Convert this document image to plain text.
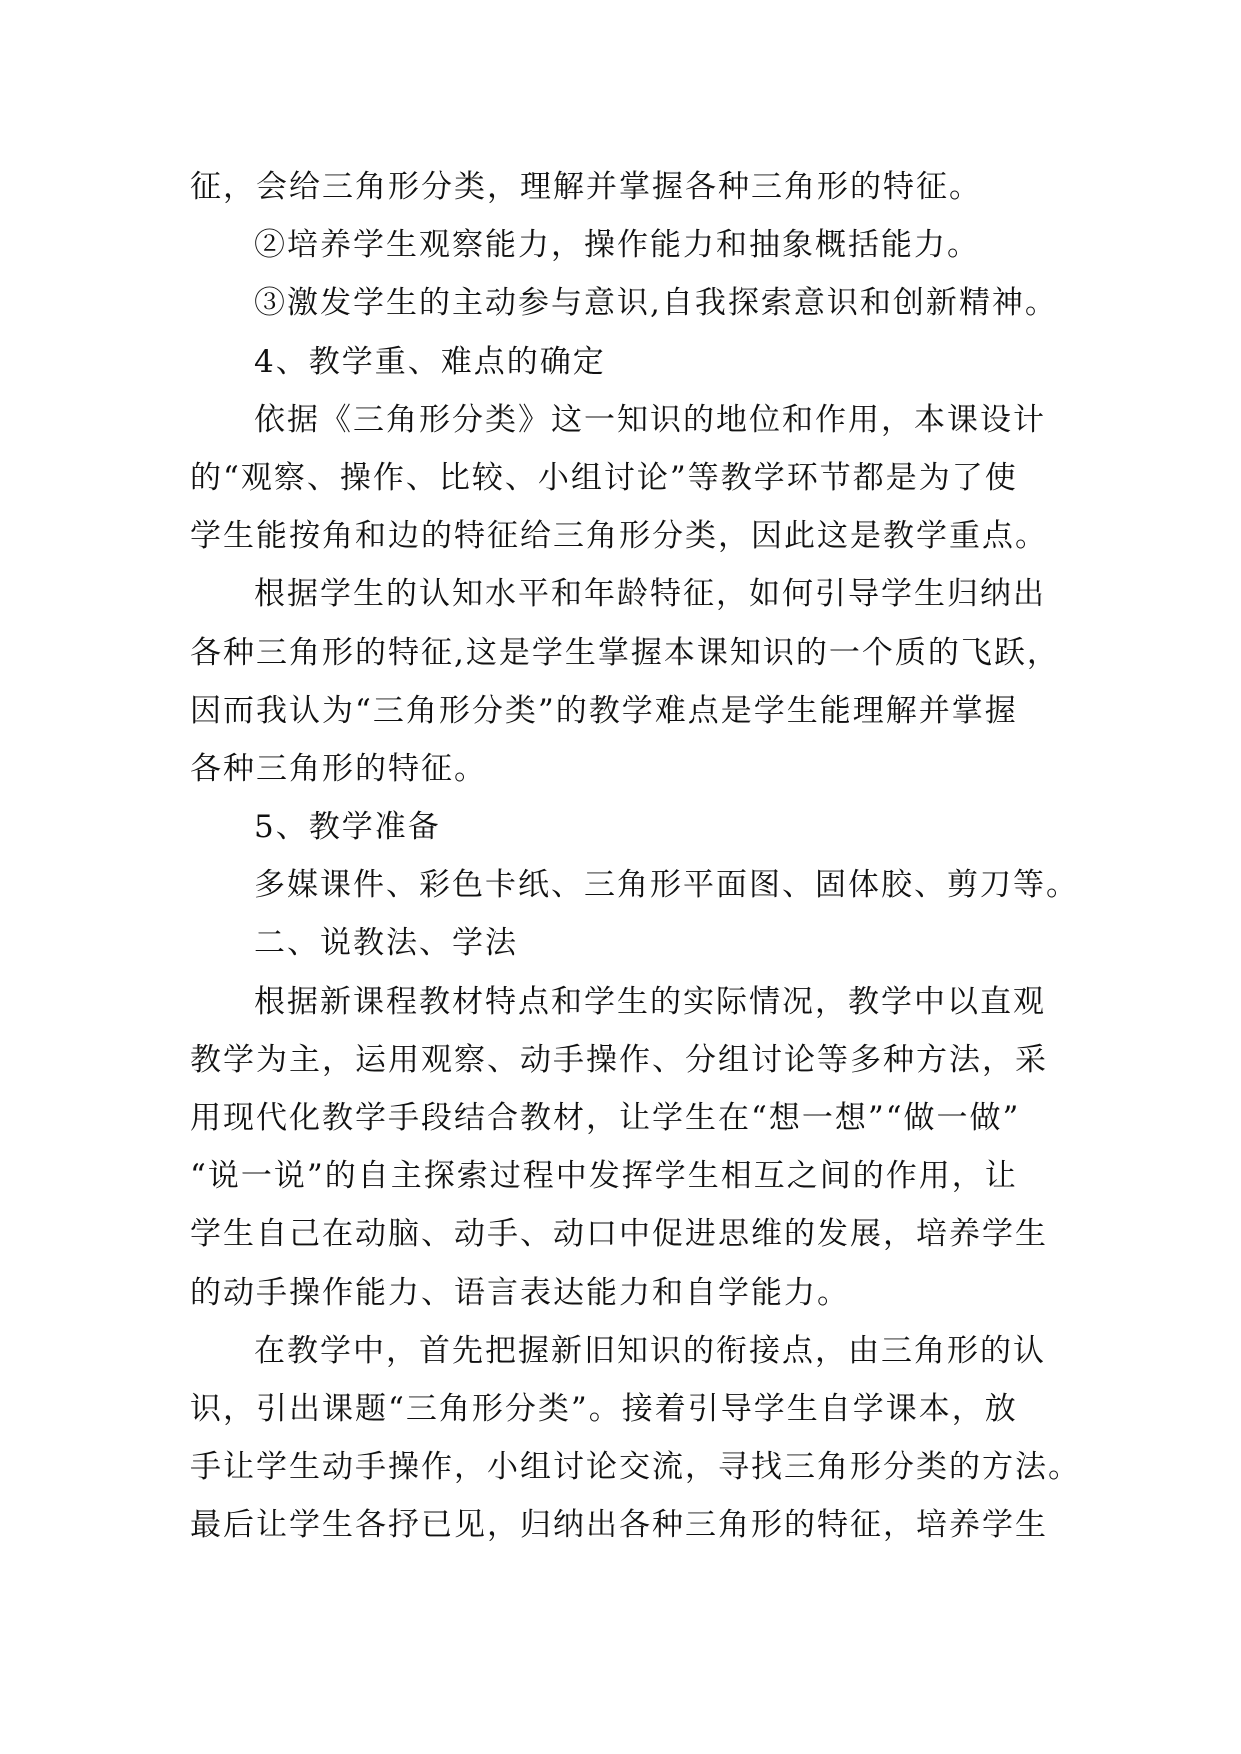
征，会给三角形分类，理解并掌握各种三角形的特征。
②培养学生观察能力，操作能力和抽象概括能力。
③激发学生的主动参与意识,自我探索意识和创新精神。
4、教学重、难点的确定
依据《三角形分类》这一知识的地位和作用，本课设计
的“观察、操作、比较、小组讨论”等教学环节都是为了使
学生能按角和边的特征给三角形分类，因此这是教学重点。
根据学生的认知水平和年龄特征，如何引导学生归纳出
各种三角形的特征,这是学生掌握本课知识的一个质的飞跃，
因而我认为“三角形分类”的教学难点是学生能理解并掌握
各种三角形的特征。
5、教学准备
多媒课件、彩色卡纸、三角形平面图、固体胶、剪刀等。
二、说教法、学法
根据新课程教材特点和学生的实际情况，教学中以直观
教学为主，运用观察、动手操作、分组讨论等多种方法，采
用现代化教学手段结合教材，让学生在“想一想”“做一做”
“说一说”的自主探索过程中发挥学生相互之间的作用，让
学生自己在动脑、动手、动口中促进思维的发展，培养学生
的动手操作能力、语言表达能力和自学能力。
在教学中，首先把握新旧知识的衔接点，由三角形的认
识，引出课题“三角形分类”。接着引导学生自学课本，放
手让学生动手操作，小组讨论交流，寻找三角形分类的方法。
最后让学生各抒已见，归纳出各种三角形的特征，培养学生
